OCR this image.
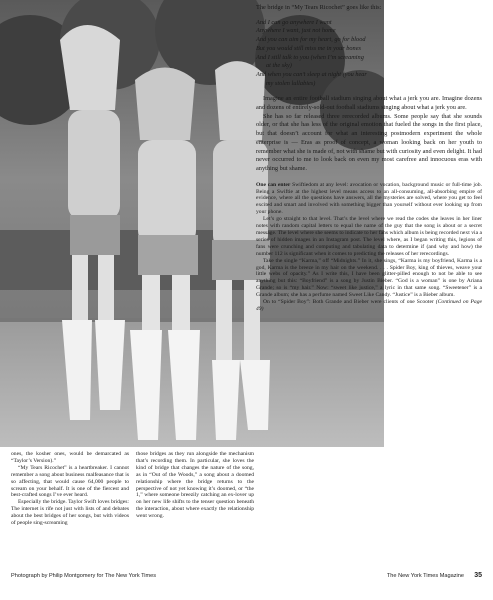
The bridge in “My Tears Ricochet” goes like this:

And I can go anywhere I want
Anywhere I want, just not home
And you can aim for my heart, go for blood
But you would still miss me in your bones
And I still talk to you (when I’m screaming
at the sky)
And when you can’t sleep at night (you hear
my stolen lullabies)

Imagine an entire football stadium singing about what a jerk you are. Imagine dozens and dozens of entirely-sold-out football stadiums singing about what a jerk you are.

She has so far released three rerecorded albums. Some people say that she sounds older, or that she has less of the original emotion that fueled the songs in the first place, but that doesn’t account for what an interesting postmodern experiment the whole enterprise is — Eras as proof of concept, a woman looking back on her youth to remember what she is made of, not with shame but with curiosity and even delight. It had never occurred to me to look back on even my most carefree and innocuous eras with anything but shame.

One can enter Swiftiedom at any level: avocation or vocation, background music or full-time job. Being a Swiftie at the highest level means access to an all-consuming, all-absorbing empire of evidence, where all the questions have answers, all the mysteries are solved, where you get to feel excited and smart and involved with something bigger than yourself without ever looking up from your phone.

Let’s go straight to that level. That’s the level where we read the codes she leaves in her liner notes with random capital letters to equal the name of the guy that the song is about or a secret message. The level where she seems to indicate to her fans which album is being recorded next via a series of hidden images in an Instagram post. The level where, as I began writing this, legions of fans were crunching and computing and tabulating data to determine if (and why and how) the number 112 is significant when it comes to predicting the releases of her rerecordings.

Take the single “Karma,” off “Midnights.” In it, she sings, “Karma is my boyfriend, Karma is a god, Karma is the breeze in my hair on the weekend. . . . Spider Boy, king of thieves, weave your little webs of opacity.” As I write this, I have been glitter-pilled enough to not be able to see anything but this: “Boyfriend” is a song by Justin Bieber. “God is a woman” is one by Ariana Grande; so is “my hair.” Now: “sweet like justice,” a lyric in that same song. “Sweetener” is a Grande album; she has a perfume named Sweet Like Candy. “Justice” is a Bieber album.

On to “Spider Boy”: Both Grande and Bieber were clients of one Scooter (Continued on Page 49)

ones, the kosher ones, would be demarcated as “Taylor’s Version).”

“My Tears Ricochet” is a heartbreaker. I cannot remember a song about business malfeasance that is so affecting, that would cause 64,000 people to scream on your behalf. It is one of the fiercest and best-crafted songs I’ve ever heard.

Especially the bridge. Taylor Swift loves bridges: The internet is rife not just with lists of and debates about the best bridges of her songs, but with videos of people sing-screaming

those bridges as they run alongside the mechanism that’s recording them. In particular, she loves the kind of bridge that changes the nature of the song, as in “Out of the Woods,” a song about a doomed relationship where the bridge returns to the perspective of not yet knowing it’s doomed, or “the 1,” where someone breezily catching an ex-lover up on her new life shifts to the tenser question beneath the interaction, about where exactly the relationship went wrong.

Photograph by Philip Montgomery for The New York Times	The New York Times Magazine 35
